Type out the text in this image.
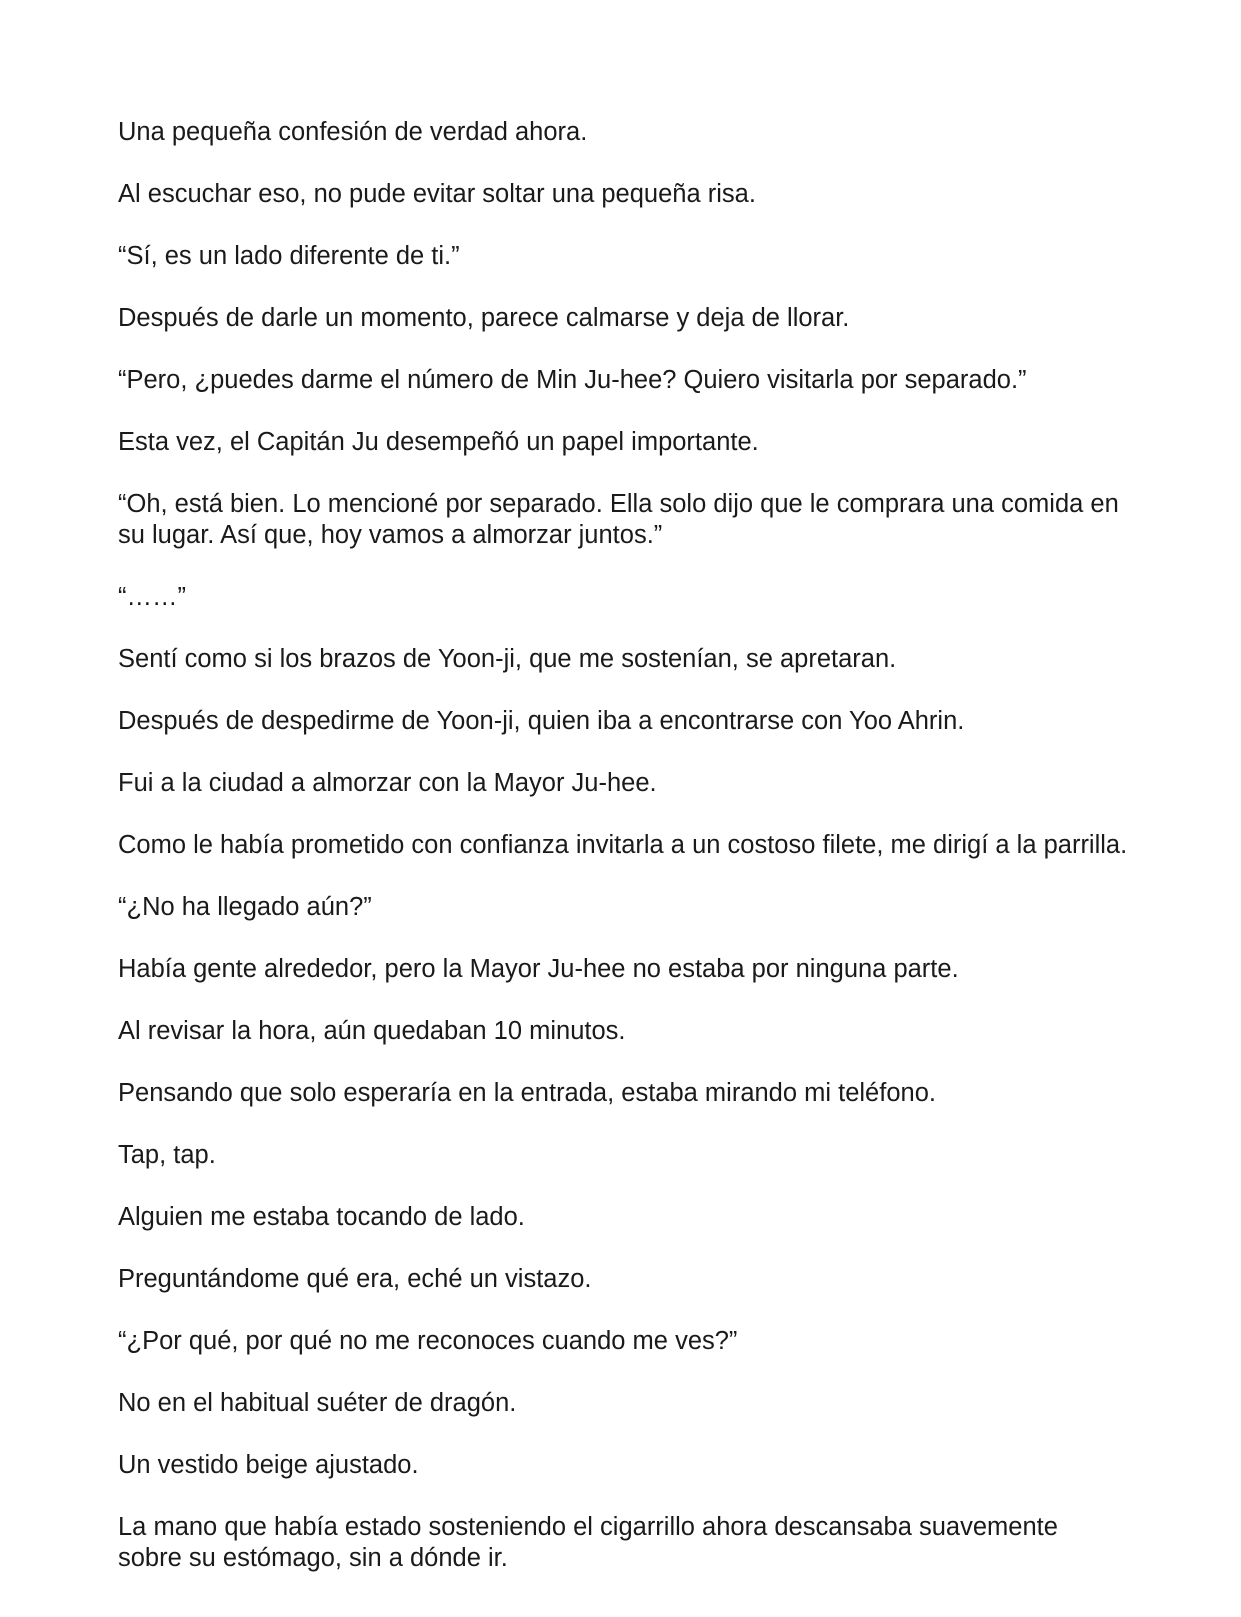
Una pequeña confesión de verdad ahora.

Al escuchar eso, no pude evitar soltar una pequeña risa.

“Sí, es un lado diferente de ti.”

Después de darle un momento, parece calmarse y deja de llorar.

“Pero, ¿puedes darme el número de Min Ju-hee? Quiero visitarla por separado.”

Esta vez, el Capitán Ju desempeñó un papel importante.

“Oh, está bien. Lo mencioné por separado. Ella solo dijo que le comprara una comida en su lugar. Así que, hoy vamos a almorzar juntos.”

“……”

Sentí como si los brazos de Yoon-ji, que me sostenían, se apretaran.

Después de despedirme de Yoon-ji, quien iba a encontrarse con Yoo Ahrin.

Fui a la ciudad a almorzar con la Mayor Ju-hee.

Como le había prometido con confianza invitarla a un costoso filete, me dirigí a la parrilla.

“¿No ha llegado aún?”

Había gente alrededor, pero la Mayor Ju-hee no estaba por ninguna parte.

Al revisar la hora, aún quedaban 10 minutos.

Pensando que solo esperaría en la entrada, estaba mirando mi teléfono.

Tap, tap.

Alguien me estaba tocando de lado.

Preguntándome qué era, eché un vistazo.

“¿Por qué, por qué no me reconoces cuando me ves?”

No en el habitual suéter de dragón.

Un vestido beige ajustado.

La mano que había estado sosteniendo el cigarrillo ahora descansaba suavemente sobre su estómago, sin a dónde ir.
